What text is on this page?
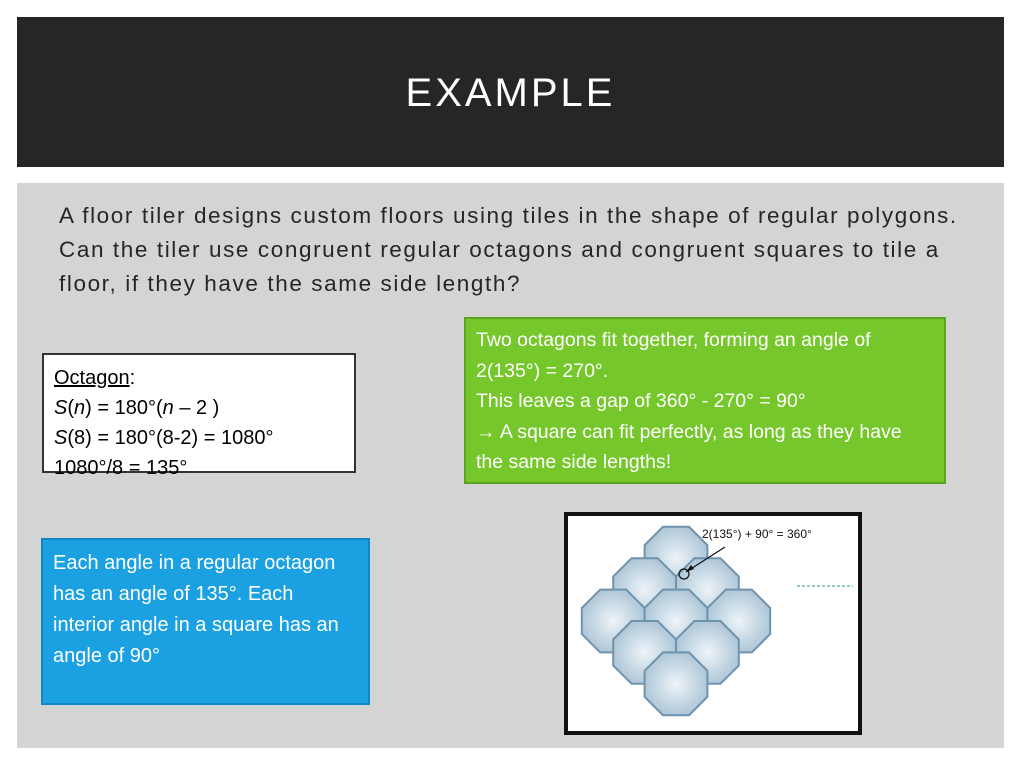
EXAMPLE
A floor tiler designs custom floors using tiles in the shape of regular polygons. Can the tiler use congruent regular octagons and congruent squares to tile a floor, if they have the same side length?
Octagon:
S(n) = 180°(n – 2 )
S(8) = 180°(8-2) = 1080°
1080°/8 = 135°
Two octagons fit together, forming an angle of 2(135°) = 270°.
This leaves a gap of 360° - 270° = 90°
→ A square can fit perfectly, as long as they have the same side lengths!
Each angle in a regular octagon has an angle of 135°. Each interior angle in a square has an angle of 90°
2(135°) + 90° = 360°
